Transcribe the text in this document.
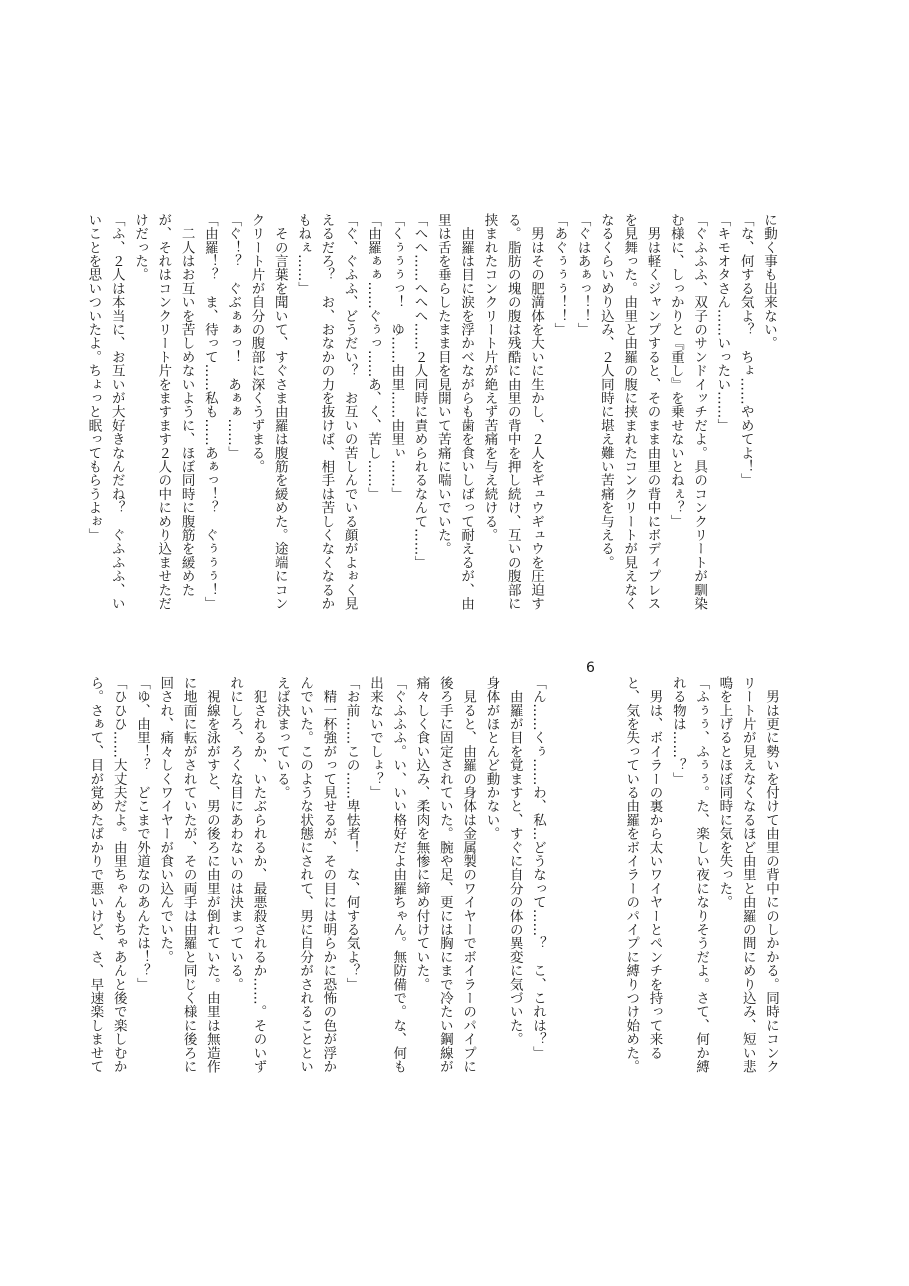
に動く事も出来ない。
「な、何する気よ？　ちょ……やめてよ！」
「キモオタさん……いったい……」
「ぐふふふ、双子のサンドイッチだよ。具のコンクリートが馴染
む様に、しっかりと『重し』を乗せないとねぇ？」
　男は軽くジャンプすると、そのまま由里の背中にボディプレス
を見舞った。由里と由羅の腹に挟まれたコンクリートが見えなく
なるくらいめり込み、２人同時に堪え難い苦痛を与える。
「ぐはあぁっ！！」
「あぐぅぅぅ！！」
　男はその肥満体を大いに生かし、２人をギュウギュウを圧迫す
る。脂肪の塊の腹は残酷に由里の背中を押し続け、互いの腹部に
挟まれたコンクリート片が絶えず苦痛を与え続ける。
　由羅は目に涙を浮かべながらも歯を食いしばって耐えるが、由
里は舌を垂らしたまま目を見開いて苦痛に喘いでいた。
「へへ……へへへ……２人同時に責められるなんて……」
「くぅぅぅっ！　ゆ……由里……由里ぃ……」
「由羅ぁぁ……ぐぅっ……あ、く、苦し……」
「ぐ、ぐふふ、どうだい？　お互いの苦しんでいる顔がよぉく見
えるだろ？　お、おなかの力を抜けば、相手は苦しくなくなるか
もねぇ……」
　その言葉を聞いて、すぐさま由羅は腹筋を緩めた。途端にコン
クリート片が自分の腹部に深くうずまる。
「ぐ！？　ぐぶぁぁっ！　あぁぁ……」
「由羅！？　ま、待って……私も……あぁっ！？　ぐぅぅぅ！」
　二人はお互いを苦しめないように、ほぼ同時に腹筋を緩めた
が、それはコンクリート片をますます２人の中にめり込ませただ
けだった。
「ふ、２人は本当に、お互いが大好きなんだね？　ぐふふふ、い
いことを思いついたよ。ちょっと眠ってもらうよぉ」
6
　男は更に勢いを付けて由里の背中にのしかかる。同時にコンク
リート片が見えなくなるほど由里と由羅の間にめり込み、短い悲
鳴を上げるとほぼ同時に気を失った。
「ふぅぅ、ふぅぅ。た、楽しい夜になりそうだよ。さて、何か縛
れる物は……？」
　男は、ボイラーの裏から太いワイヤーとペンチを持って来る
と、気を失っている由羅をボイラーのパイプに縛りつけ始めた。

「ん……くぅ……わ、私…どうなって……？　こ、これは？」
　由羅が目を覚ますと、すぐに自分の体の異変に気づいた。
身体がほとんど動かない。
　見ると、由羅の身体は金属製のワイヤーでボイラーのパイプに
後ろ手に固定されていた。腕や足、更には胸にまで冷たい鋼線が
痛々しく食い込み、柔肉を無惨に締め付けていた。
「ぐふふふ。い、いい格好だよ由羅ちゃん。無防備で。な、何も
出来ないでしょ？」
「お前……この……卑怯者！　な、何する気よ？」
　精一杯強がって見せるが、その目には明らかに恐怖の色が浮か
んでいた。このような状態にされて、男に自分がされることとい
えば決まっている。
　犯されるか、いたぶられるか、最悪殺されるか……。そのいず
れにしろ、ろくな目にあわないのは決まっている。
　視線を泳がすと、男の後ろに由里が倒れていた。由里は無造作
に地面に転がされていたが、その両手は由羅と同じく様に後ろに
回され、痛々しくワイヤーが食い込んでいた。
「ゆ、由里！？　どこまで外道なのあんたは！？」
「ひひひ……大丈夫だよ。由里ちゃんもちゃあんと後で楽しむか
ら。さぁて、目が覚めたばかりで悪いけど、さ、早速楽しませて
